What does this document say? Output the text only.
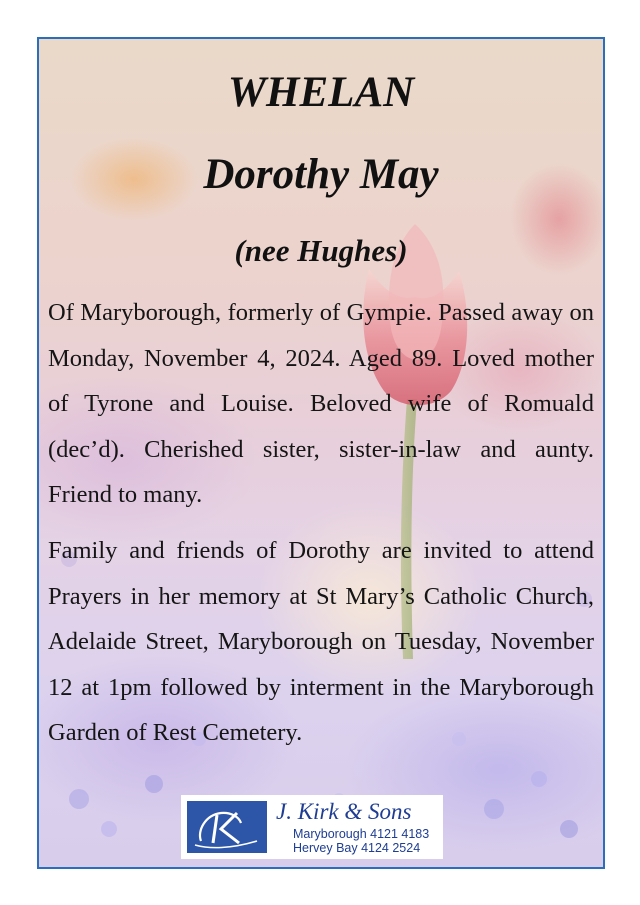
WHELAN
Dorothy May
(nee Hughes)

Of Maryborough, formerly of Gympie. Passed away on Monday, November 4, 2024. Aged 89. Loved mother of Tyrone and Louise. Beloved wife of Romuald (dec’d). Cherished sister, sister-in-law and aunty. Friend to many.

Family and friends of Dorothy are invited to attend Prayers in her memory at St Mary’s Catholic Church, Adelaide Street, Maryborough on Tuesday, November 12 at 1pm followed by interment in the Maryborough Garden of Rest Cemetery.

J. Kirk & Sons
Maryborough 4121 4183
Hervey Bay 4124 2524
